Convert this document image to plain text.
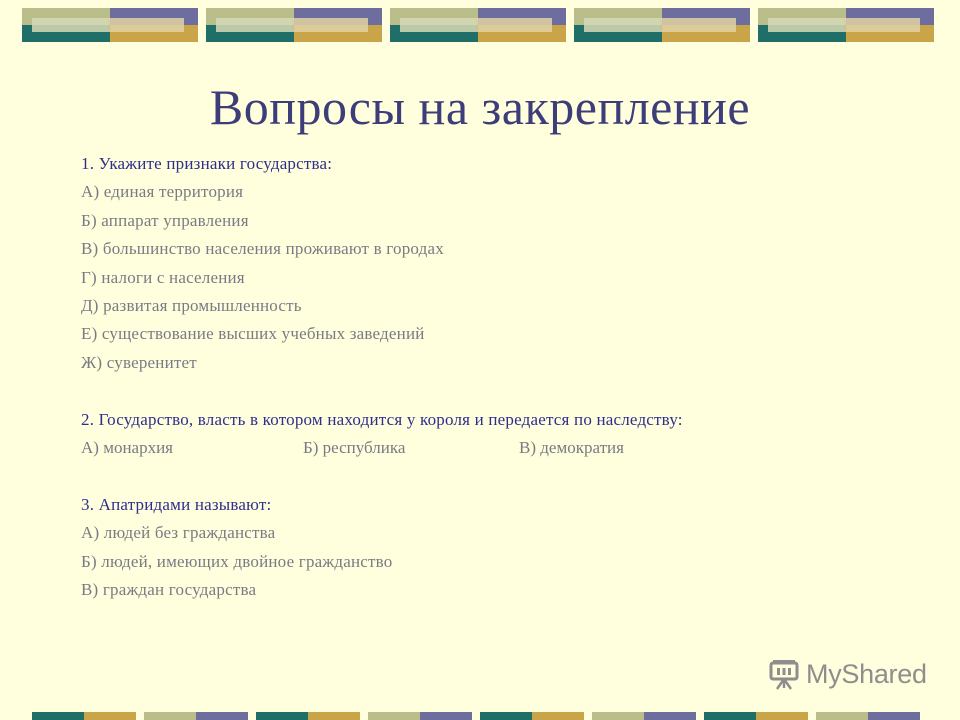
Вопросы на закрепление
1. Укажите признаки государства:
А) единая территория
Б) аппарат управления
В) большинство населения проживают в городах
Г) налоги с населения
Д) развитая промышленность
Е) существование высших учебных заведений
Ж) суверенитет
2. Государство, власть в котором находится у короля и передается по наследству:
А) монархия	Б) республика	В) демократия
3. Апатридами называют:
А) людей без гражданства
Б) людей, имеющих двойное гражданство
В) граждан государства
MyShared
